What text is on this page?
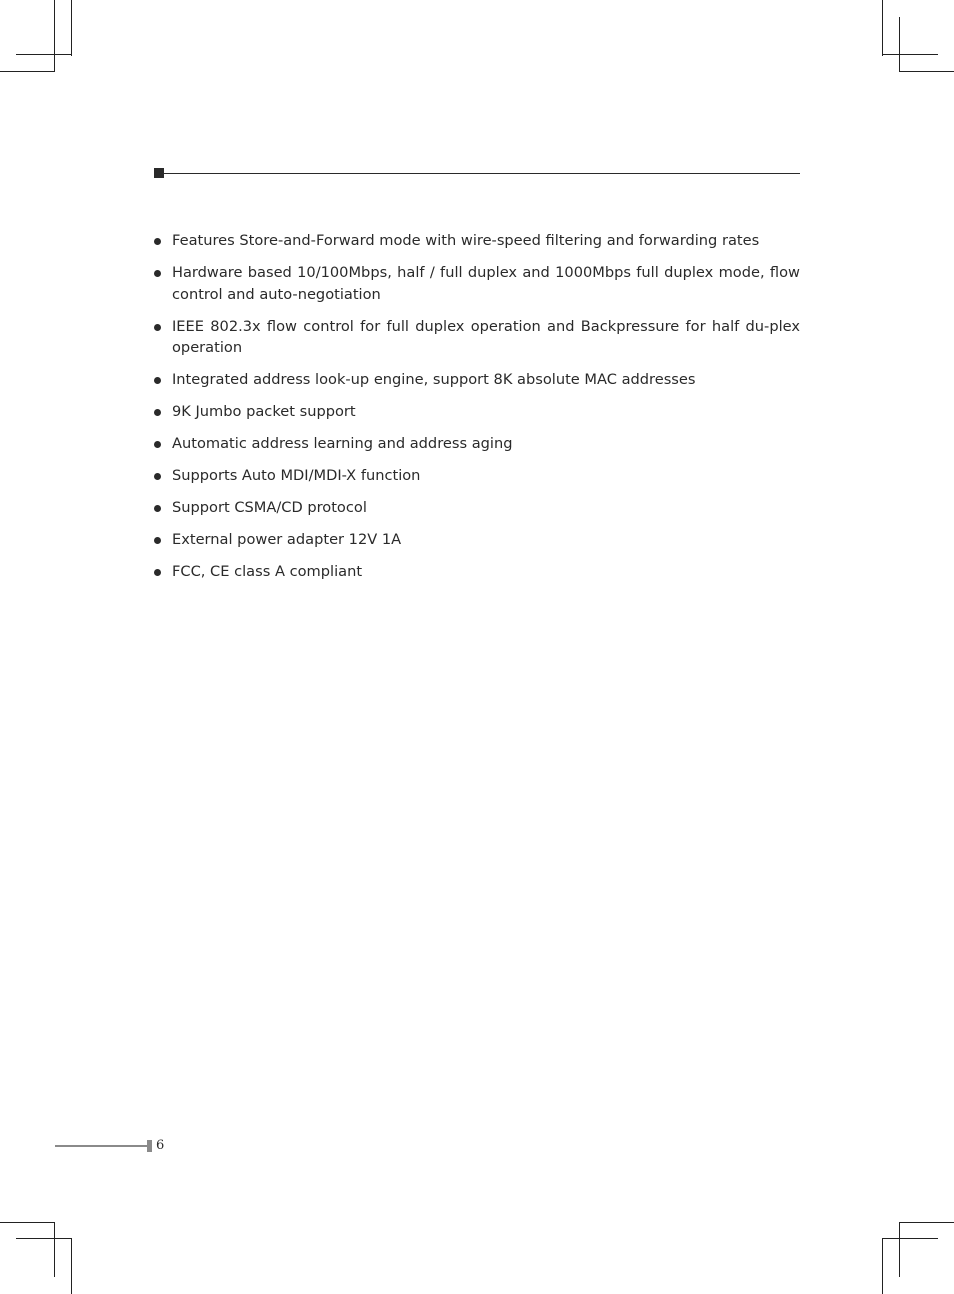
Features Store-and-Forward mode with wire-speed filtering and forwarding rates
Hardware based 10/100Mbps, half / full duplex and 1000Mbps full duplex mode, flow control and auto-negotiation
IEEE 802.3x flow control for full duplex operation and Backpressure for half du-plex operation
Integrated address look-up engine, support 8K absolute MAC addresses
9K Jumbo packet support
Automatic address learning and address aging
Supports Auto MDI/MDI-X function
Support CSMA/CD protocol
External power adapter 12V 1A
FCC, CE class A compliant
6
